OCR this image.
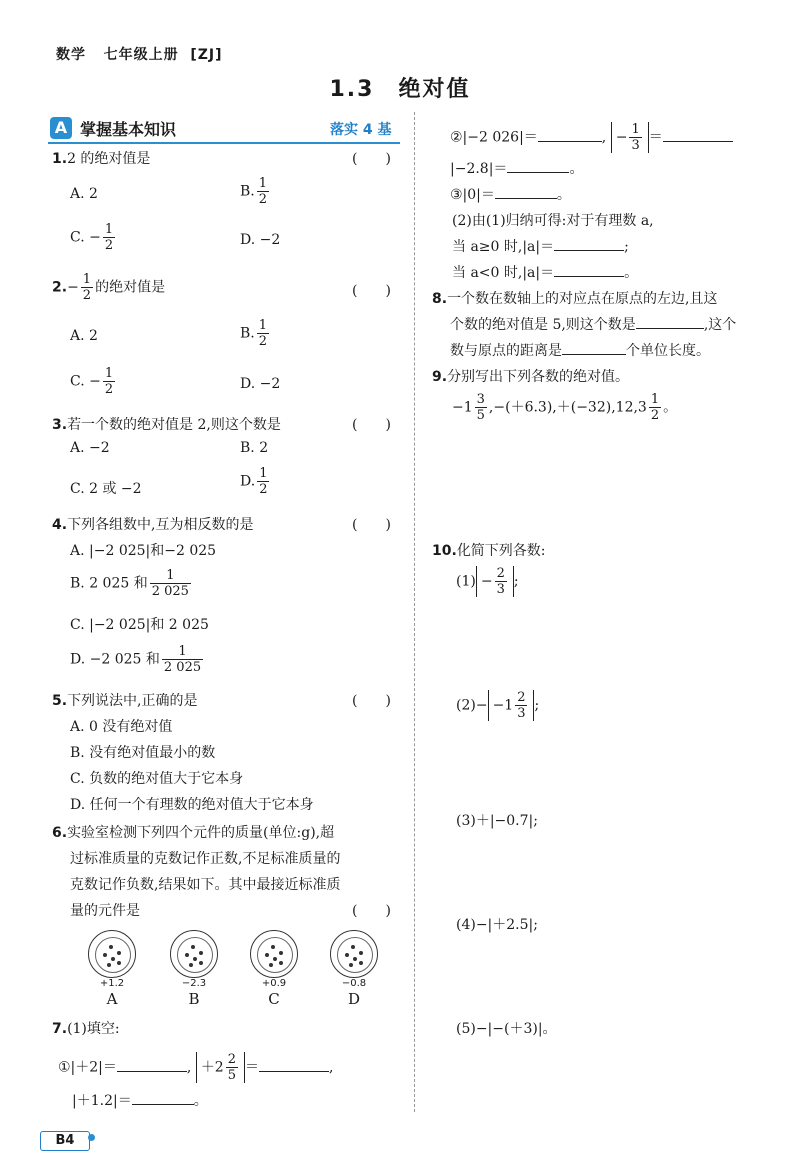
数学 七年级上册 [ZJ]
1.3　绝对值
A 掌握基本知识	落实 4 基
1.2 的绝对值是	(　　)
A. 2	B. $\frac{1}{2}$
C. − $\frac{1}{2}$	D. −2
$2.- \frac{1}{2}$ 的绝对值是	(　　)
A. 2	B. $\frac{1}{2}$
C. − $\frac{1}{2}$	D. −2
3.若一个数的绝对值是 2,则这个数是	(　　)
A. −2	B. 2
C. 2 或 −2	D. $\frac{1}{2}$
4.下列各组数中,互为相反数的是	(　　)
A. |−2 025|和−2 025
B. 2 025 和 $\frac{1}{2 025}$
C. |−2 025|和 2 025
D. −2 025 和 $\frac{1}{2 025}$
5.下列说法中,正确的是	(　　)
A. 0 没有绝对值
B. 没有绝对值最小的数
C. 负数的绝对值大于它本身
D. 任何一个有理数的绝对值大于它本身
6.实验室检测下列四个元件的质量(单位:g),超
过标准质量的克数记作正数,不足标准质量的
克数记作负数,结果如下。其中最接近标准质
量的元件是	(　　)
+1.2
A
−2.3
B
+0.9
C
−0.8
D
7.(1)填空:
①|＋2|＝	, $+2 \frac{2}{5}$ ＝	,
|＋1.2|＝	。
②|−2 026|＝	, − $\frac{1}{3}$ ＝
|−2.8|＝	。
③|0|＝	。
(2)由(1)归纳可得:对于有理数 a,
当 a≥0 时,|a|＝	;
当 a<0 时,|a|＝	。
8.一个数在数轴上的对应点在原点的左边,且这
个数的绝对值是 5,则这个数是	,这个
数与原点的距离是	个单位长度。
9.分别写出下列各数的绝对值。
$-1 \frac{3}{5} ,-(+6.3),+(-32),12,3 \frac{1}{2}$ 。
10.化简下列各数:
$(1) - \frac{2}{3}$ ;
$(2)- -1 \frac{2}{3}$ ;
(3)＋|−0.7|;
(4)−|＋2.5|;
(5)−|−(＋3)|。
B4
